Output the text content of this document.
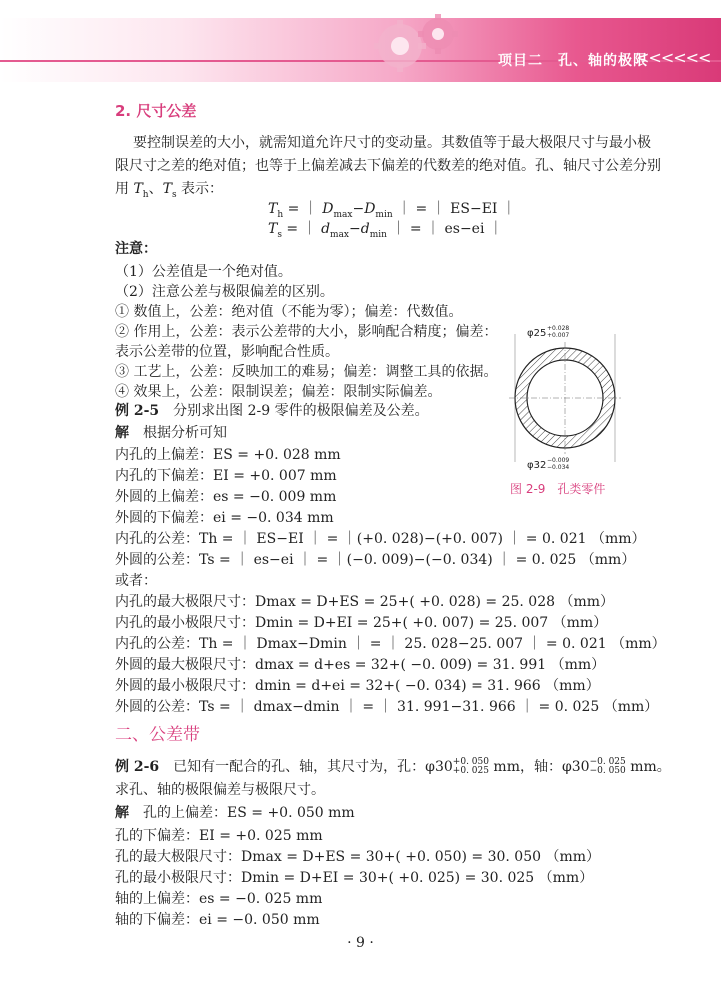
项目二　孔、轴的极限
<<<<<<
2. 尺寸公差
要控制误差的大小，就需知道允许尺寸的变动量。其数值等于最大极限尺寸与最小极
限尺寸之差的绝对值；也等于上偏差减去下偏差的代数差的绝对值。孔、轴尺寸公差分别
用 $T_h$、$T_s$ 表示：
$T_h$ = ｜ $D_{max}-D_{min}$ ｜ = ｜ ES−EI ｜
$T_s$ = ｜ $d_{max}-d_{min}$ ｜ = ｜ es−ei ｜
注意：
（1）公差值是一个绝对值。
（2）注意公差与极限偏差的区别。
① 数值上，公差：绝对值（不能为零）；偏差：代数值。
② 作用上，公差：表示公差带的大小，影响配合精度；偏差：
表示公差带的位置，影响配合性质。
③ 工艺上，公差：反映加工的难易；偏差：调整工具的依据。
④ 效果上，公差：限制误差；偏差：限制实际偏差。
例 2-5　 分别求出图 2-9 零件的极限偏差及公差。
解　 根据分析可知
内孔的上偏差：ES = +0. 028 mm
内孔的下偏差：EI = +0. 007 mm
外圆的上偏差：es = −0. 009 mm
外圆的下偏差：ei = −0. 034 mm
内孔的公差：Th = ｜ ES−EI ｜ = ｜(+0. 028)−(+0. 007) ｜ = 0. 021 （mm）
外圆的公差：Ts = ｜ es−ei ｜ = ｜(−0. 009)−(−0. 034) ｜ = 0. 025 （mm）
或者：
内孔的最大极限尺寸：Dmax = D+ES = 25+( +0. 028) = 25. 028 （mm）
内孔的最小极限尺寸：Dmin = D+EI = 25+( +0. 007) = 25. 007 （mm）
内孔的公差：Th = ｜ Dmax−Dmin ｜ = ｜ 25. 028−25. 007 ｜ = 0. 021 （mm）
外圆的最大极限尺寸：dmax = d+es = 32+( −0. 009) = 31. 991 （mm）
外圆的最小极限尺寸：dmin = d+ei = 32+( −0. 034) = 31. 966 （mm）
φ25 +0.028
+0.007
φ32 −0.009
−0.034
图 2-9　孔类零件
二、公差带
例 2-6　 已知有一配合的孔、轴，其尺寸为，孔：φ30+0. 050
+0. 025 mm，轴：φ30−0. 025
−0. 050 mm。
求孔、轴的极限偏差与极限尺寸。
解　 孔的上偏差：ES = +0. 050 mm
孔的下偏差：EI = +0. 025 mm
孔的最大极限尺寸：Dmax = D+ES = 30+( +0. 050) = 30. 050 （mm）
孔的最小极限尺寸：Dmin = D+EI = 30+( +0. 025) = 30. 025 （mm）
轴的上偏差：es = −0. 025 mm
· 9 ·
外圆的公差：Ts = ｜ dmax−dmin ｜ = ｜ 31. 991−31. 966 ｜ = 0. 025 （mm）
轴的下偏差：ei = −0. 050 mm
